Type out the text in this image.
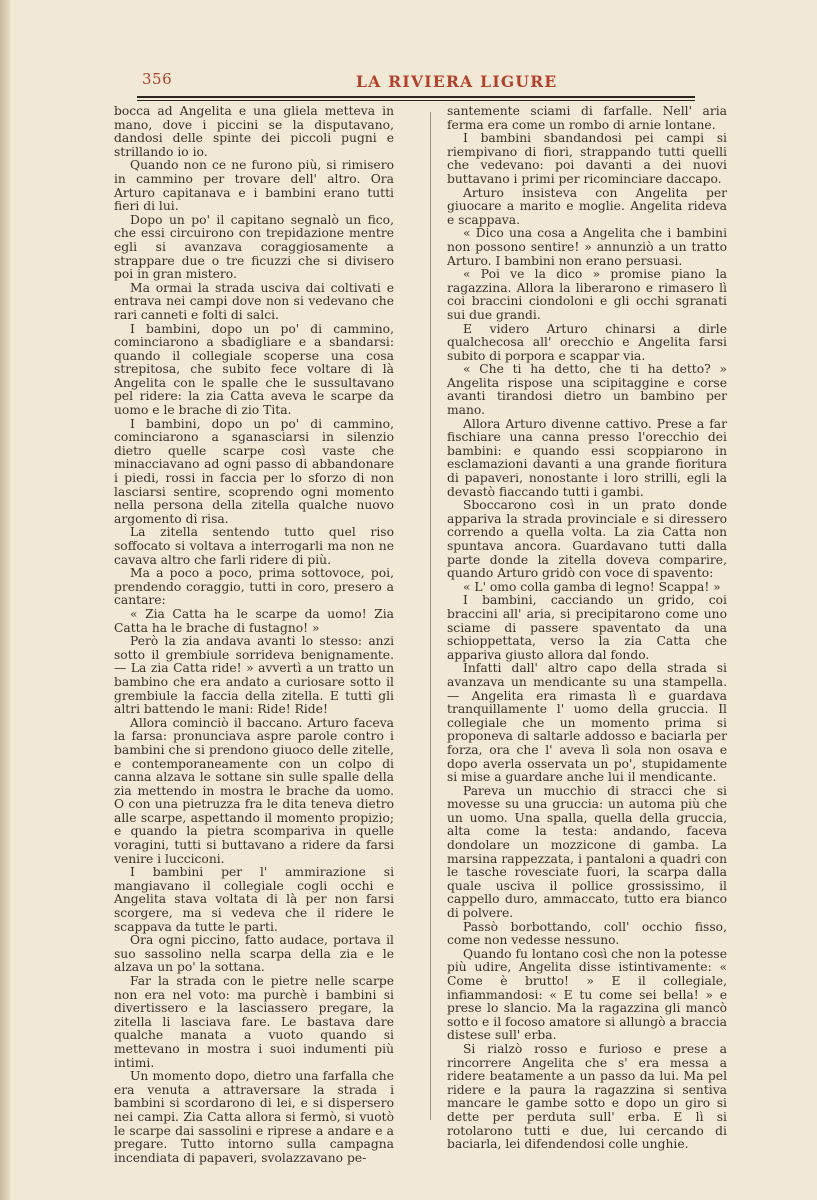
356	LA RIVIERA LIGURE

bocca ad Angelita e una gliela metteva in mano, dove i piccini se la disputavano, dandosi delle spinte dei piccoli pugni e strillando io io.

Quando non ce ne furono più, si rimisero in cammino per trovare dell' altro. Ora Arturo capitanava e i bambini erano tutti fieri di lui.

Dopo un po' il capitano segnalò un fico, che essi circuirono con trepidazione mentre egli si avanzava coraggiosamente a strappare due o tre ficuzzi che si divisero poi in gran mistero.

Ma ormai la strada usciva dai coltivati e entrava nei campi dove non si vedevano che rari canneti e folti di salci.

I bambini, dopo un po' di cammino, cominciarono a sbadigliare e a sbandarsi: quando il collegiale scoperse una cosa strepitosa, che subito fece voltare di là Angelita con le spalle che le sussultavano pel ridere: la zia Catta aveva le scarpe da uomo e le brache di zio Tita.

I bambini, dopo un po' di cammino, cominciarono a sganasciarsi in silenzio dietro quelle scarpe così vaste che minacciavano ad ogni passo di abbandonare i piedi, rossi in faccia per lo sforzo di non lasciarsi sentire, scoprendo ogni momento nella persona della zitella qualche nuovo argomento di risa.

La zitella sentendo tutto quel riso soffocato si voltava a interrogarli ma non ne cavava altro che farli ridere di più.

Ma a poco a poco, prima sottovoce, poi, prendendo coraggio, tutti in coro, presero a cantare:

« Zia Catta ha le scarpe da uomo! Zia Catta ha le brache di fustagno! »

Però la zia andava avanti lo stesso: anzi sotto il grembiule sorrideva benignamente. — La zia Catta ride! » avvertì a un tratto un bambino che era andato a curiosare sotto il grembiule la faccia della zitella. E tutti gli altri battendo le mani: Ride! Ride!

Allora cominciò il baccano. Arturo faceva la farsa: pronunciava aspre parole contro i bambini che si prendono giuoco delle zitelle, e contemporaneamente con un colpo di canna alzava le sottane sin sulle spalle della zia mettendo in mostra le brache da uomo. O con una pietruzza fra le dita teneva dietro alle scarpe, aspettando il momento propizio; e quando la pietra scompariva in quelle voragini, tutti si buttavano a ridere da farsi venire i lucciconi.

I bambini per l' ammirazione si mangiavano il collegiale cogli occhi e Angelita stava voltata di là per non farsi scorgere, ma si vedeva che il ridere le scappava da tutte le parti.

Ora ogni piccino, fatto audace, portava il suo sassolino nella scarpa della zia e le alzava un po' la sottana.

Far la strada con le pietre nelle scarpe non era nel voto: ma purchè i bambini si divertissero e la lasciassero pregare, la zitella li lasciava fare. Le bastava dare qualche manata a vuoto quando si mettevano in mostra i suoi indumenti più intimi.

Un momento dopo, dietro una farfalla che era venuta a attraversare la strada i bambini si scordarono di lei, e si dispersero nei campi. Zia Catta allora si fermò, si vuotò le scarpe dai sassolini e riprese a andare e a pregare. Tutto intorno sulla campagna incendiata di papaveri, svolazzavano pe-

santemente sciami di farfalle. Nell' aria ferma era come un rombo di arnie lontane.

I bambini sbandandosi pei campi si riempivano di fiori, strappando tutti quelli che vedevano: poi davanti a dei nuovi buttavano i primi per ricominciare daccapo.

Arturo insisteva con Angelita per giuocare a marito e moglie. Angelita rideva e scappava.

« Dico una cosa a Angelita che i bambini non possono sentire! » annunziò a un tratto Arturo. I bambini non erano persuasi.

« Poi ve la dico » promise piano la ragazzina. Allora la liberarono e rimasero lì coi braccini ciondoloni e gli occhi sgranati sui due grandi.

E videro Arturo chinarsi a dirle qualchecosa all' orecchio e Angelita farsi subito di porpora e scappar via.

« Che ti ha detto, che ti ha detto? » Angelita rispose una scipitaggine e corse avanti tirandosi dietro un bambino per mano.

Allora Arturo divenne cattivo. Prese a far fischiare una canna presso l'orecchio dei bambini: e quando essi scoppiarono in esclamazioni davanti a una grande fioritura di papaveri, nonostante i loro strilli, egli la devastò fiaccando tutti i gambi.

Sboccarono così in un prato donde appariva la strada provinciale e si diressero correndo a quella volta. La zia Catta non spuntava ancora. Guardavano tutti dalla parte donde la zitella doveva comparire, quando Arturo gridò con voce di spavento:

« L' omo colla gamba di legno! Scappa! »

I bambini, cacciando un grido, coi braccini all' aria, si precipitarono come uno sciame di passere spaventato da una schioppettata, verso la zia Catta che appariva giusto allora dal fondo.

Infatti dall' altro capo della strada si avanzava un mendicante su una stampella. — Angelita era rimasta lì e guardava tranquillamente l' uomo della gruccia. Il collegiale che un momento prima si proponeva di saltarle addosso e baciarla per forza, ora che l' aveva lì sola non osava e dopo averla osservata un po', stupidamente si mise a guardare anche lui il mendicante.

Pareva un mucchio di stracci che si movesse su una gruccia: un automa più che un uomo. Una spalla, quella della gruccia, alta come la testa: andando, faceva dondolare un mozzicone di gamba. La marsina rappezzata, i pantaloni a quadri con le tasche rovesciate fuori, la scarpa dalla quale usciva il pollice grossissimo, il cappello duro, ammaccato, tutto era bianco di polvere.

Passò borbottando, coll' occhio fisso, come non vedesse nessuno.

Quando fu lontano così che non la potesse più udire, Angelita disse istintivamente: « Come è brutto! » E il collegiale, infiammandosi: « E tu come sei bella! » e prese lo slancio. Ma la ragazzina gli mancò sotto e il focoso amatore si allungò a braccia distese sull' erba.

Si rialzò rosso e furioso e prese a rincorrere Angelita che s' era messa a ridere beatamente a un passo da lui. Ma pel ridere e la paura la ragazzina si sentiva mancare le gambe sotto e dopo un giro si dette per perduta sull' erba. E lì si rotolarono tutti e due, lui cercando di baciarla, lei difendendosi colle unghie.
